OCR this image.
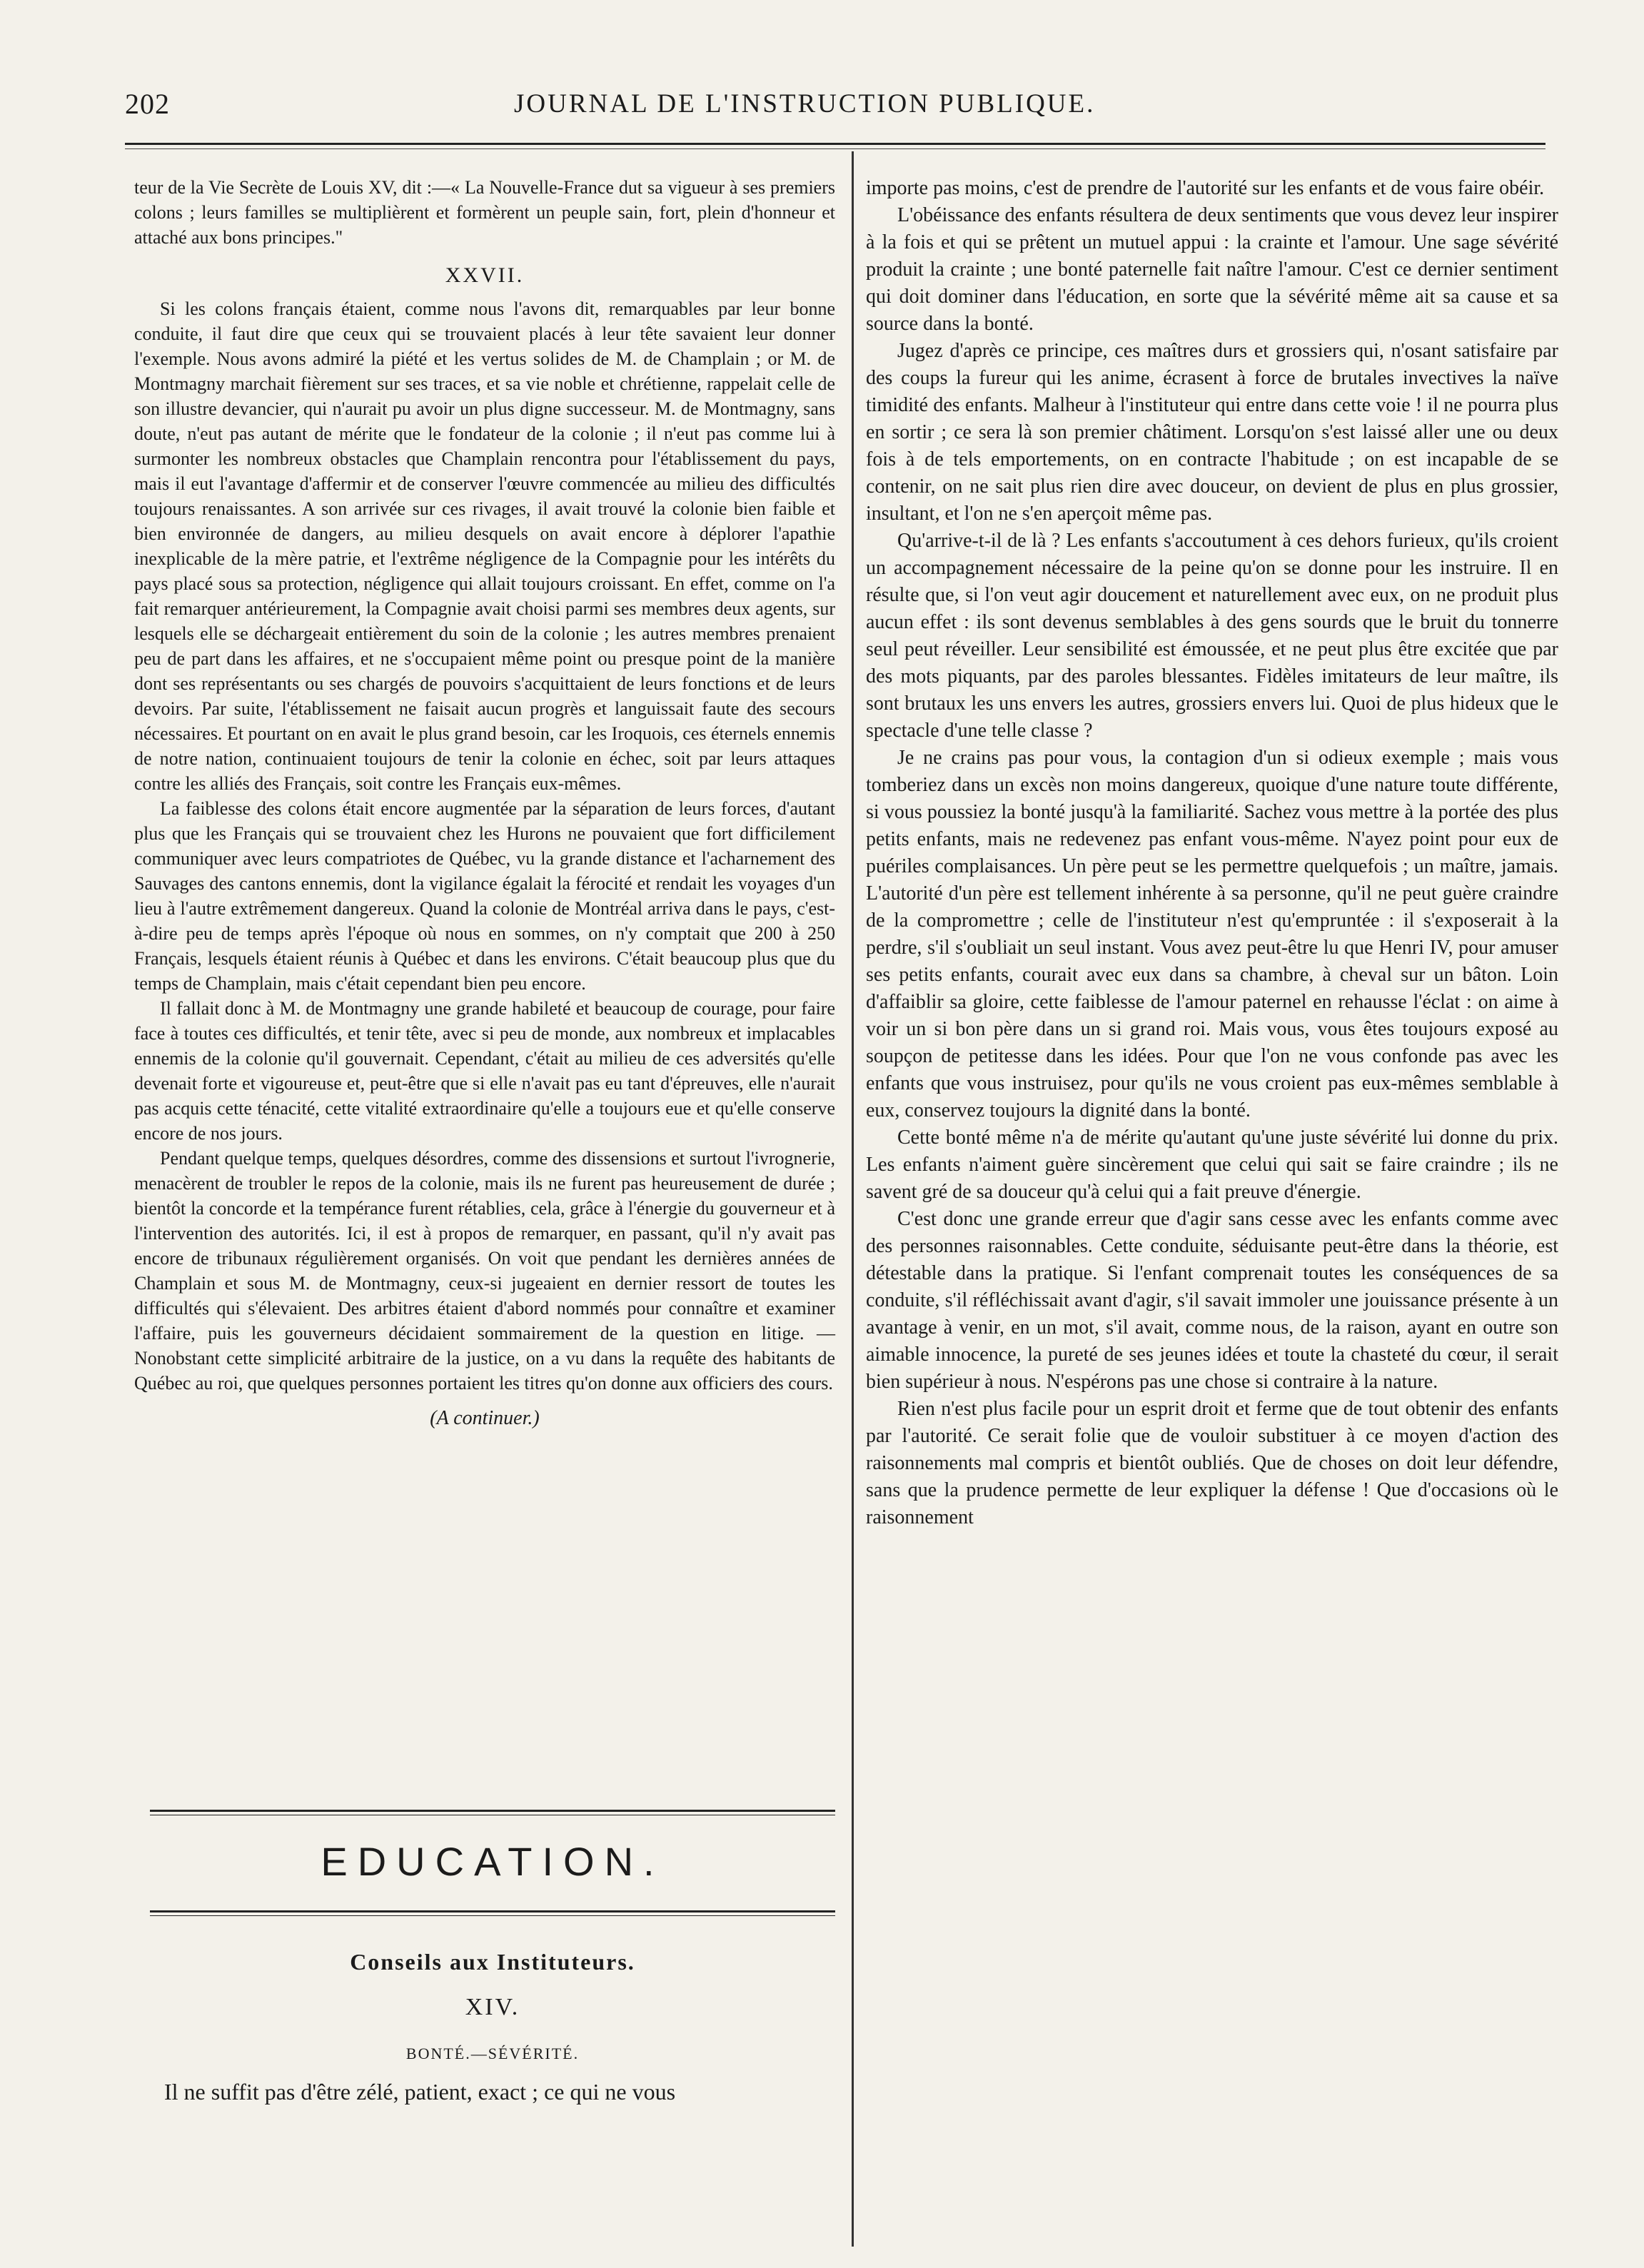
202	JOURNAL DE L'INSTRUCTION PUBLIQUE.

teur de la Vie Secrète de Louis XV, dit :—« La Nouvelle-France dut sa vigueur à ses premiers colons ; leurs familles se multiplièrent et formèrent un peuple sain, fort, plein d'honneur et attaché aux bons principes."

XXVII.

Si les colons français étaient, comme nous l'avons dit, remarquables par leur bonne conduite, il faut dire que ceux qui se trouvaient placés à leur tête savaient leur donner l'exemple. Nous avons admiré la piété et les vertus solides de M. de Champlain ; or M. de Montmagny marchait fièrement sur ses traces, et sa vie noble et chrétienne, rappelait celle de son illustre devancier, qui n'aurait pu avoir un plus digne successeur. M. de Montmagny, sans doute, n'eut pas autant de mérite que le fondateur de la colonie ; il n'eut pas comme lui à surmonter les nombreux obstacles que Champlain rencontra pour l'établissement du pays, mais il eut l'avantage d'affermir et de conserver l'œuvre commencée au milieu des difficultés toujours renaissantes. A son arrivée sur ces rivages, il avait trouvé la colonie bien faible et bien environnée de dangers, au milieu desquels on avait encore à déplorer l'apathie inexplicable de la mère patrie, et l'extrême négligence de la Compagnie pour les intérêts du pays placé sous sa protection, négligence qui allait toujours croissant. En effet, comme on l'a fait remarquer antérieurement, la Compagnie avait choisi parmi ses membres deux agents, sur lesquels elle se déchargeait entièrement du soin de la colonie ; les autres membres prenaient peu de part dans les affaires, et ne s'occupaient même point ou presque point de la manière dont ses représentants ou ses chargés de pouvoirs s'acquittaient de leurs fonctions et de leurs devoirs. Par suite, l'établissement ne faisait aucun progrès et languissait faute des secours nécessaires. Et pourtant on en avait le plus grand besoin, car les Iroquois, ces éternels ennemis de notre nation, continuaient toujours de tenir la colonie en échec, soit par leurs attaques contre les alliés des Français, soit contre les Français eux-mêmes.

La faiblesse des colons était encore augmentée par la séparation de leurs forces, d'autant plus que les Français qui se trouvaient chez les Hurons ne pouvaient que fort difficilement communiquer avec leurs compatriotes de Québec, vu la grande distance et l'acharnement des Sauvages des cantons ennemis, dont la vigilance égalait la férocité et rendait les voyages d'un lieu à l'autre extrêmement dangereux. Quand la colonie de Montréal arriva dans le pays, c'est-à-dire peu de temps après l'époque où nous en sommes, on n'y comptait que 200 à 250 Français, lesquels étaient réunis à Québec et dans les environs. C'était beaucoup plus que du temps de Champlain, mais c'était cependant bien peu encore.

Il fallait donc à M. de Montmagny une grande habileté et beaucoup de courage, pour faire face à toutes ces difficultés, et tenir tête, avec si peu de monde, aux nombreux et implacables ennemis de la colonie qu'il gouvernait. Cependant, c'était au milieu de ces adversités qu'elle devenait forte et vigoureuse et, peut-être que si elle n'avait pas eu tant d'épreuves, elle n'aurait pas acquis cette ténacité, cette vitalité extraordinaire qu'elle a toujours eue et qu'elle conserve encore de nos jours.

Pendant quelque temps, quelques désordres, comme des dissensions et surtout l'ivrognerie, menacèrent de troubler le repos de la colonie, mais ils ne furent pas heureusement de durée ; bientôt la concorde et la tempérance furent rétablies, cela, grâce à l'énergie du gouverneur et à l'intervention des autorités. Ici, il est à propos de remarquer, en passant, qu'il n'y avait pas encore de tribunaux régulièrement organisés. On voit que pendant les dernières années de Champlain et sous M. de Montmagny, ceux-si jugeaient en dernier ressort de toutes les difficultés qui s'élevaient. Des arbitres étaient d'abord nommés pour connaître et examiner l'affaire, puis les gouverneurs décidaient sommairement de la question en litige. — Nonobstant cette simplicité arbitraire de la justice, on a vu dans la requête des habitants de Québec au roi, que quelques personnes portaient les titres qu'on donne aux officiers des cours.

(A continuer.)
EDUCATION.
Conseils aux Instituteurs.
XIV.
BONTÉ.—SÉVÉRITÉ.
Il ne suffit pas d'être zélé, patient, exact ; ce qui ne vous

importe pas moins, c'est de prendre de l'autorité sur les enfants et de vous faire obéir.

L'obéissance des enfants résultera de deux sentiments que vous devez leur inspirer à la fois et qui se prêtent un mutuel appui : la crainte et l'amour. Une sage sévérité produit la crainte ; une bonté paternelle fait naître l'amour. C'est ce dernier sentiment qui doit dominer dans l'éducation, en sorte que la sévérité même ait sa cause et sa source dans la bonté.

Jugez d'après ce principe, ces maîtres durs et grossiers qui, n'osant satisfaire par des coups la fureur qui les anime, écrasent à force de brutales invectives la naïve timidité des enfants. Malheur à l'instituteur qui entre dans cette voie ! il ne pourra plus en sortir ; ce sera là son premier châtiment. Lorsqu'on s'est laissé aller une ou deux fois à de tels emportements, on en contracte l'habitude ; on est incapable de se contenir, on ne sait plus rien dire avec douceur, on devient de plus en plus grossier, insultant, et l'on ne s'en aperçoit même pas.

Qu'arrive-t-il de là ? Les enfants s'accoutument à ces dehors furieux, qu'ils croient un accompagnement nécessaire de la peine qu'on se donne pour les instruire. Il en résulte que, si l'on veut agir doucement et naturellement avec eux, on ne produit plus aucun effet : ils sont devenus semblables à des gens sourds que le bruit du tonnerre seul peut réveiller. Leur sensibilité est émoussée, et ne peut plus être excitée que par des mots piquants, par des paroles blessantes. Fidèles imitateurs de leur maître, ils sont brutaux les uns envers les autres, grossiers envers lui. Quoi de plus hideux que le spectacle d'une telle classe ?

Je ne crains pas pour vous, la contagion d'un si odieux exemple ; mais vous tomberiez dans un excès non moins dangereux, quoique d'une nature toute différente, si vous poussiez la bonté jusqu'à la familiarité. Sachez vous mettre à la portée des plus petits enfants, mais ne redevenez pas enfant vous-même. N'ayez point pour eux de puériles complaisances. Un père peut se les permettre quelquefois ; un maître, jamais. L'autorité d'un père est tellement inhérente à sa personne, qu'il ne peut guère craindre de la compromettre ; celle de l'instituteur n'est qu'empruntée : il s'exposerait à la perdre, s'il s'oubliait un seul instant. Vous avez peut-être lu que Henri IV, pour amuser ses petits enfants, courait avec eux dans sa chambre, à cheval sur un bâton. Loin d'affaiblir sa gloire, cette faiblesse de l'amour paternel en rehausse l'éclat : on aime à voir un si bon père dans un si grand roi. Mais vous, vous êtes toujours exposé au soupçon de petitesse dans les idées. Pour que l'on ne vous confonde pas avec les enfants que vous instruisez, pour qu'ils ne vous croient pas eux-mêmes semblable à eux, conservez toujours la dignité dans la bonté.

Cette bonté même n'a de mérite qu'autant qu'une juste sévérité lui donne du prix. Les enfants n'aiment guère sincèrement que celui qui sait se faire craindre ; ils ne savent gré de sa douceur qu'à celui qui a fait preuve d'énergie.

C'est donc une grande erreur que d'agir sans cesse avec les enfants comme avec des personnes raisonnables. Cette conduite, séduisante peut-être dans la théorie, est détestable dans la pratique. Si l'enfant comprenait toutes les conséquences de sa conduite, s'il réfléchissait avant d'agir, s'il savait immoler une jouissance présente à un avantage à venir, en un mot, s'il avait, comme nous, de la raison, ayant en outre son aimable innocence, la pureté de ses jeunes idées et toute la chasteté du cœur, il serait bien supérieur à nous. N'espérons pas une chose si contraire à la nature.

Rien n'est plus facile pour un esprit droit et ferme que de tout obtenir des enfants par l'autorité. Ce serait folie que de vouloir substituer à ce moyen d'action des raisonnements mal compris et bientôt oubliés. Que de choses on doit leur défendre, sans que la prudence permette de leur expliquer la défense ! Que d'occasions où le raisonnement
